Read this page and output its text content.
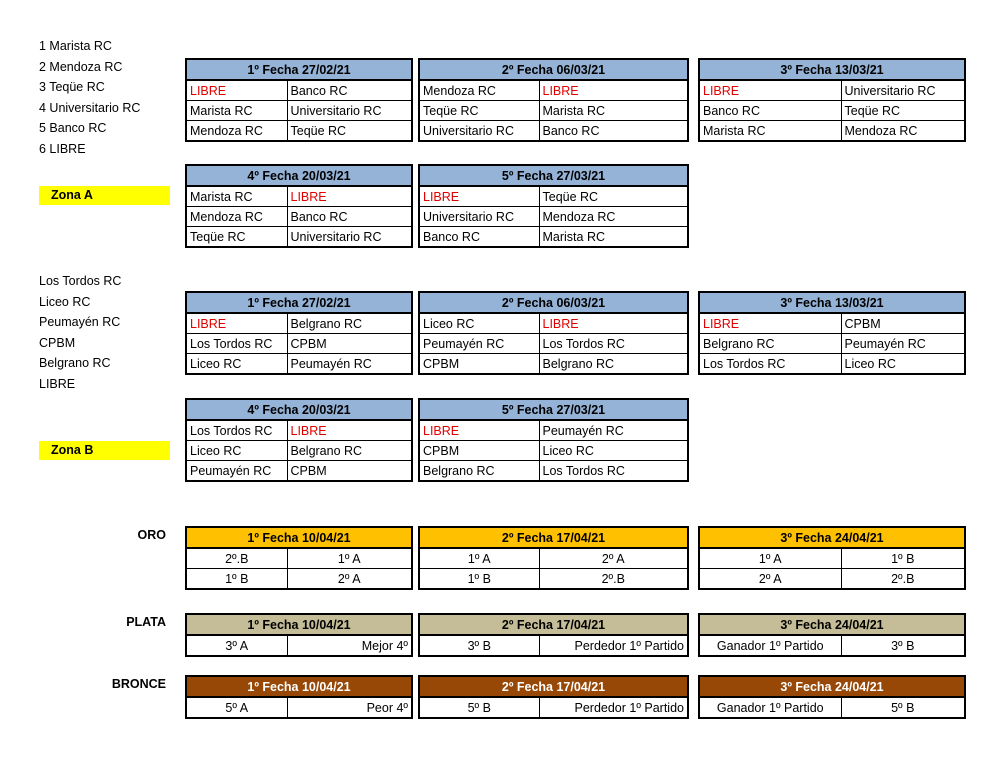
1 Marista RC
2 Mendoza RC
3 Teqüe RC
4 Universitario RC
5 Banco RC
6 LIBRE
Zona A
1º Fecha 27/02/21	
LIBRE	Banco RC
Marista RC	Universitario RC
Mendoza RC	Teqüe RC
2º Fecha 06/03/21	
Mendoza RC	LIBRE
Teqüe RC	Marista RC
Universitario RC	Banco RC
3º Fecha 13/03/21	
LIBRE	Universitario RC
Banco RC	Teqüe RC
Marista RC	Mendoza RC
4º Fecha 20/03/21	
Marista RC	LIBRE
Mendoza RC	Banco RC
Teqüe RC	Universitario RC
5º Fecha 27/03/21	
LIBRE	Teqüe RC
Universitario RC	Mendoza RC
Banco RC	Marista RC
Los Tordos RC
Liceo RC
Peumayén RC
CPBM
Belgrano RC
LIBRE
Zona B
1º Fecha 27/02/21	
LIBRE	Belgrano RC
Los Tordos RC	CPBM
Liceo RC	Peumayén RC
2º Fecha 06/03/21	
Liceo RC	LIBRE
Peumayén RC	Los Tordos RC
CPBM	Belgrano RC
3º Fecha 13/03/21	
LIBRE	CPBM
Belgrano RC	Peumayén RC
Los Tordos RC	Liceo RC
4º Fecha 20/03/21	
Los Tordos RC	LIBRE
Liceo RC	Belgrano RC
Peumayén RC	CPBM
5º Fecha 27/03/21	
LIBRE	Peumayén RC
CPBM	Liceo RC
Belgrano RC	Los Tordos RC
ORO	1º Fecha 10/04/21	
2º.B	1º A
1º B	2º A
2º Fecha 17/04/21	
1º A	2º A
1º B	2º.B
3º Fecha 24/04/21	
1º A	1º B
2º A	2º.B
PLATA	1º Fecha 10/04/21
3º A	Mejor 4º
2º Fecha 17/04/21
3º B	Perdedor 1º Partido
3º Fecha 24/04/21
Ganador 1º Partido	3º B
BRONCE	1º Fecha 10/04/21
5º A	Peor 4º
2º Fecha 17/04/21
5º B	Perdedor 1º Partido
3º Fecha 24/04/21
Ganador 1º Partido	5º B
